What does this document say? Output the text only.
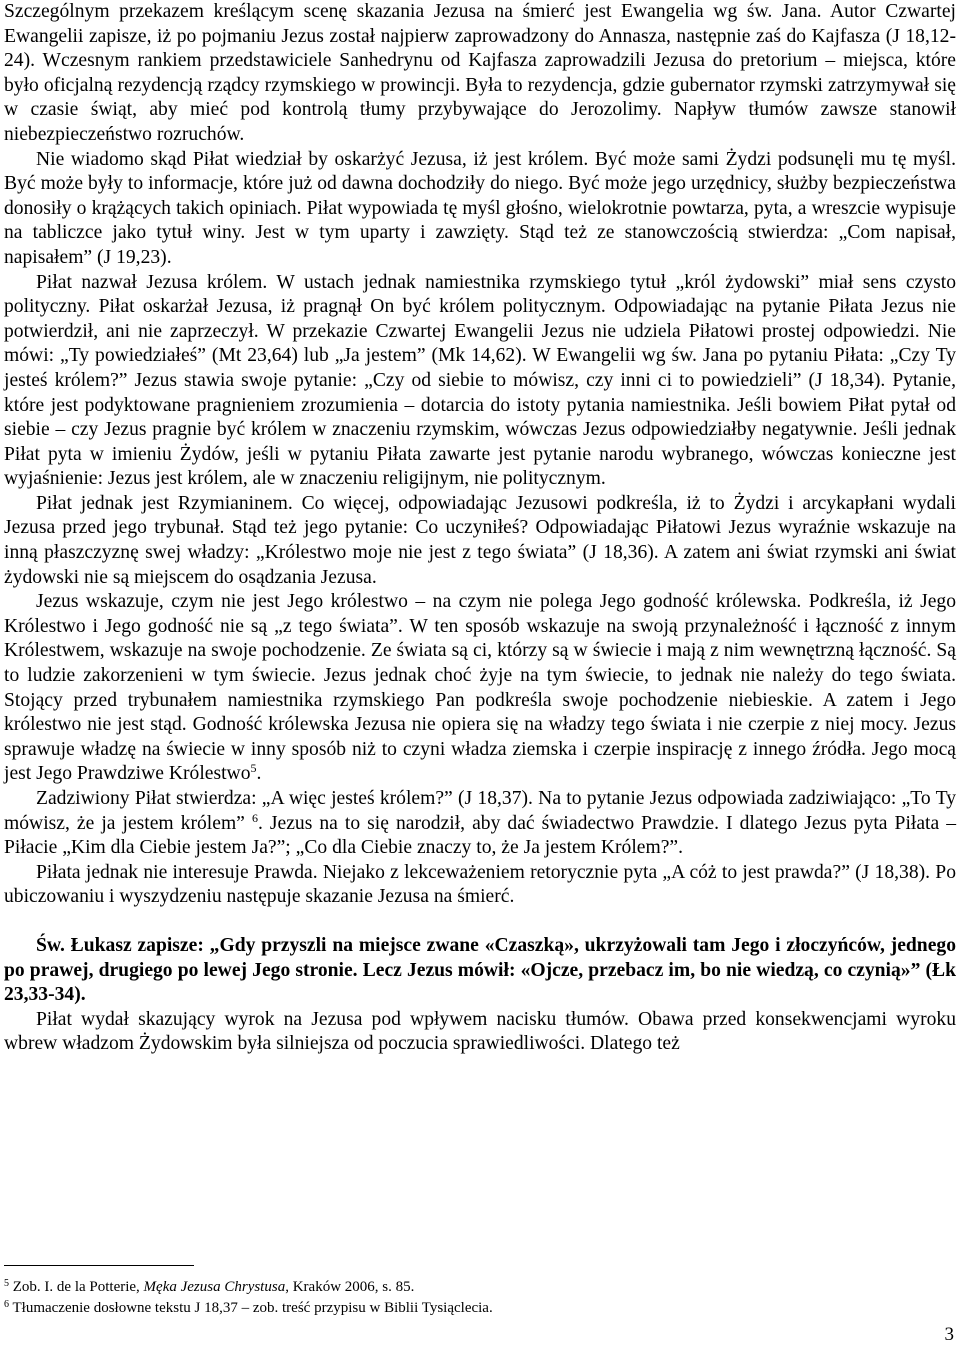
Szczególnym przekazem kreślącym scenę skazania Jezusa na śmierć jest Ewangelia wg św. Jana. Autor Czwartej Ewangelii zapisze, iż po pojmaniu Jezus został najpierw zaprowadzony do Annasza, następnie zaś do Kajfasza (J 18,12-24). Wczesnym rankiem przedstawiciele Sanhedrynu od Kajfasza zaprowadzili Jezusa do pretorium – miejsca, które było oficjalną rezydencją rządcy rzymskiego w prowincji. Była to rezydencja, gdzie gubernator rzymski zatrzymywał się w czasie świąt, aby mieć pod kontrolą tłumy przybywające do Jerozolimy. Napływ tłumów zawsze stanowił niebezpieczeństwo rozruchów.

Nie wiadomo skąd Piłat wiedział by oskarżyć Jezusa, iż jest królem. Być może sami Żydzi podsunęli mu tę myśl. Być może były to informacje, które już od dawna dochodziły do niego. Być może jego urzędnicy, służby bezpieczeństwa donosiły o krążących takich opiniach. Piłat wypowiada tę myśl głośno, wielokrotnie powtarza, pyta, a wreszcie wypisuje na tabliczce jako tytuł winy. Jest w tym uparty i zawzięty. Stąd też ze stanowczością stwierdza: „Com napisał, napisałem” (J 19,23).

Piłat nazwał Jezusa królem. W ustach jednak namiestnika rzymskiego tytuł „król żydowski” miał sens czysto polityczny. Piłat oskarżał Jezusa, iż pragnął On być królem politycznym. Odpowiadając na pytanie Piłata Jezus nie potwierdził, ani nie zaprzeczył. W przekazie Czwartej Ewangelii Jezus nie udziela Piłatowi prostej odpowiedzi. Nie mówi: „Ty powiedziałeś” (Mt 23,64) lub „Ja jestem” (Mk 14,62). W Ewangelii wg św. Jana po pytaniu Piłata: „Czy Ty jesteś królem?” Jezus stawia swoje pytanie: „Czy od siebie to mówisz, czy inni ci to powiedzieli” (J 18,34). Pytanie, które jest podyktowane pragnieniem zrozumienia – dotarcia do istoty pytania namiestnika. Jeśli bowiem Piłat pytał od siebie – czy Jezus pragnie być królem w znaczeniu rzymskim, wówczas Jezus odpowiedziałby negatywnie. Jeśli jednak Piłat pyta w imieniu Żydów, jeśli w pytaniu Piłata zawarte jest pytanie narodu wybranego, wówczas konieczne jest wyjaśnienie: Jezus jest królem, ale w znaczeniu religijnym, nie politycznym.

Piłat jednak jest Rzymianinem. Co więcej, odpowiadając Jezusowi podkreśla, iż to Żydzi i arcykapłani wydali Jezusa przed jego trybunał. Stąd też jego pytanie: Co uczyniłeś? Odpowiadając Piłatowi Jezus wyraźnie wskazuje na inną płaszczyznę swej władzy: „Królestwo moje nie jest z tego świata” (J 18,36). A zatem ani świat rzymski ani świat żydowski nie są miejscem do osądzania Jezusa.

Jezus wskazuje, czym nie jest Jego królestwo – na czym nie polega Jego godność królewska. Podkreśla, iż Jego Królestwo i Jego godność nie są „z tego świata”. W ten sposób wskazuje na swoją przynależność i łączność z innym Królestwem, wskazuje na swoje pochodzenie. Ze świata są ci, którzy są w świecie i mają z nim wewnętrzną łączność. Są to ludzie zakorzenieni w tym świecie. Jezus jednak choć żyje na tym świecie, to jednak nie należy do tego świata. Stojący przed trybunałem namiestnika rzymskiego Pan podkreśla swoje pochodzenie niebieskie. A zatem i Jego królestwo nie jest stąd. Godność królewska Jezusa nie opiera się na władzy tego świata i nie czerpie z niej mocy. Jezus sprawuje władzę na świecie w inny sposób niż to czyni władza ziemska i czerpie inspirację z innego źródła. Jego mocą jest Jego Prawdziwe Królestwo$^5$.

Zadziwiony Piłat stwierdza: „A więc jesteś królem?” (J 18,37). Na to pytanie Jezus odpowiada zadziwiająco: „To Ty mówisz, że ja jestem królem” $^6$. Jezus na to się narodził, aby dać świadectwo Prawdzie. I dlatego Jezus pyta Piłata – Piłacie „Kim dla Ciebie jestem Ja?”; „Co dla Ciebie znaczy to, że Ja jestem Królem?”.

Piłata jednak nie interesuje Prawda. Niejako z lekceważeniem retorycznie pyta „A cóż to jest prawda?” (J 18,38). Po ubiczowaniu i wyszydzeniu następuje skazanie Jezusa na śmierć.

Św. Łukasz zapisze: „Gdy przyszli na miejsce zwane «Czaszką», ukrzyżowali tam Jego i złoczyńców, jednego po prawej, drugiego po lewej Jego stronie. Lecz Jezus mówił: «Ojcze, przebacz im, bo nie wiedzą, co czynią»” (Łk 23,33-34).

Piłat wydał skazujący wyrok na Jezusa pod wpływem nacisku tłumów. Obawa przed konsekwencjami wyroku wbrew władzom Żydowskim była silniejsza od poczucia sprawiedliwości. Dlatego też

$^5$ Zob. I. de la Potterie, Męka Jezusa Chrystusa, Kraków 2006, s. 85.

$^6$ Tłumaczenie dosłowne tekstu J 18,37 – zob. treść przypisu w Biblii Tysiąclecia.

3
